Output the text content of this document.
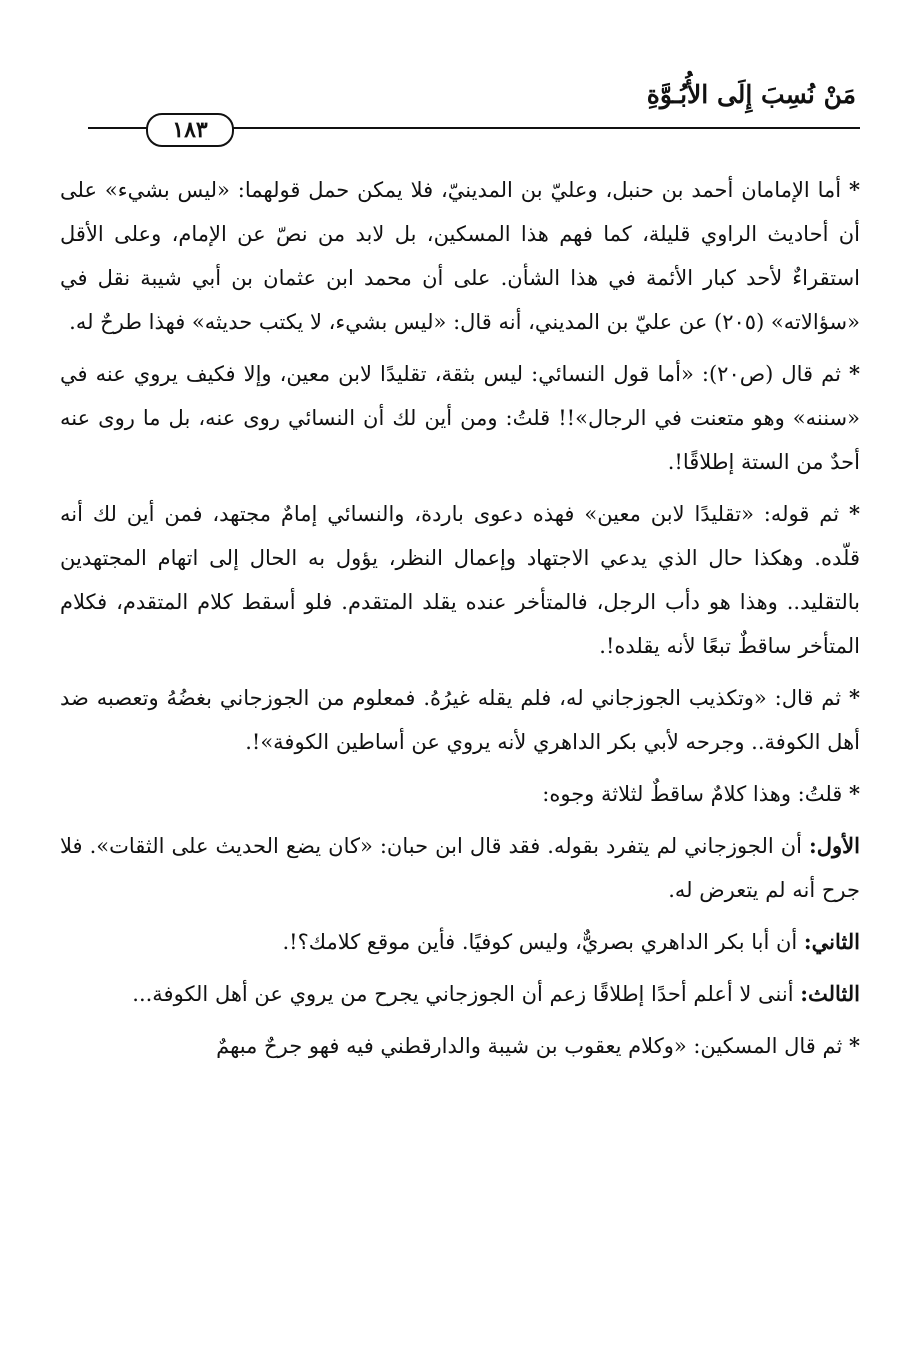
مَنْ نُسِبَ إِلَى الأُبُـوَّةِ
١٨٣

* أما الإمامان أحمد بن حنبل، وعليّ بن المدينيّ، فلا يمكن حمل قولهما: «ليس بشيء» على أن أحاديث الراوي قليلة، كما فهم هذا المسكين، بل لابد من نصّ عن الإمام، وعلى الأقل استقراءٌ لأحد كبار الأئمة في هذا الشأن. على أن محمد ابن عثمان بن أبي شيبة نقل في «سؤالاته» (٢٠٥) عن عليّ بن المديني، أنه قال: «ليس بشيء، لا يكتب حديثه» فهذا طرحٌ له.

* ثم قال (ص٢٠): «أما قول النسائي: ليس بثقة، تقليدًا لابن معين، وإلا فكيف يروي عنه في «سننه» وهو متعنت في الرجال»!! قلتُ: ومن أين لك أن النسائي روى عنه، بل ما روى عنه أحدٌ من الستة إطلاقًا!.

* ثم قوله: «تقليدًا لابن معين» فهذه دعوى باردة، والنسائي إمامٌ مجتهد، فمن أين لك أنه قلّده. وهكذا حال الذي يدعي الاجتهاد وإعمال النظر، يؤول به الحال إلى اتهام المجتهدين بالتقليد.. وهذا هو دأب الرجل، فالمتأخر عنده يقلد المتقدم. فلو أسقط كلام المتقدم، فكلام المتأخر ساقطٌ تبعًا لأنه يقلده!.

* ثم قال: «وتكذيب الجوزجاني له، فلم يقله غيرُهُ. فمعلوم من الجوزجاني بغضُهُ وتعصبه ضد أهل الكوفة.. وجرحه لأبي بكر الداهري لأنه يروي عن أساطين الكوفة»!.

* قلتُ: وهذا كلامٌ ساقطٌ لثلاثة وجوه:

الأول: أن الجوزجاني لم يتفرد بقوله. فقد قال ابن حبان: «كان يضع الحديث على الثقات». فلا جرح أنه لم يتعرض له.

الثاني: أن أبا بكر الداهري بصريٌّ، وليس كوفيًا. فأين موقع كلامك؟!.

الثالث: أننى لا أعلم أحدًا إطلاقًا زعم أن الجوزجاني يجرح من يروي عن أهل الكوفة...

* ثم قال المسكين: «وكلام يعقوب بن شيبة والدارقطني فيه فهو جرحٌ مبهمٌ
